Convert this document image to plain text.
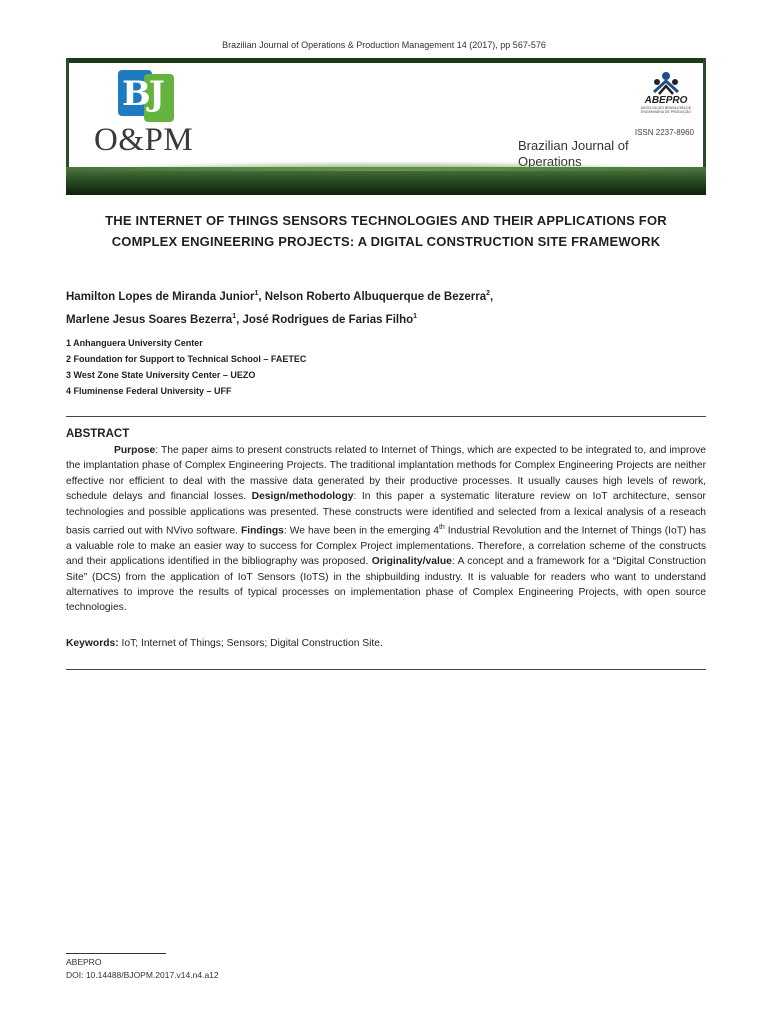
Brazilian Journal of Operations & Production Management 14 (2017), pp 567-576
BJ
O&PM
ABEPRO
ASSOCIAÇÃO BRASILEIRA DE ENGENHARIA DE PRODUÇÃO
ISSN 2237-8960
Brazilian Journal of
THE INTERNET OF THINGS SENSORS TECHNOLOGIES AND THEIR APPLICATIONS FOR
COMPLEX ENGINEERING PROJECTS: A DIGITAL CONSTRUCTION SITE FRAMEWORK
Hamilton Lopes de Miranda Junior$^1$, Nelson Roberto Albuquerque de Bezerra$^2$,
Marlene Jesus Soares Bezerra$^1$, José Rodrigues de Farias Filho$^1$
1 Anhanguera University Center
2 Foundation for Support to Technical School – FAETEC
3 West Zone State University Center – UEZO
4 Fluminense Federal University – UFF
ABSTRACT

Purpose: The paper aims to present constructs related to Internet of Things, which are expected to be integrated to, and improve the implantation phase of Complex Engineering Projects. The traditional implantation methods for Complex Engineering Projects are neither effective nor efficient to deal with the massive data generated by their productive processes. It usually causes high levels of rework, schedule delays and financial losses. Design/methodology: In this paper a systematic literature review on IoT architecture, sensor technologies and possible applications was presented. These constructs were identified and selected from a lexical analysis of a reseach basis carried out with NVivo software. Findings: We have been in the emerging 4th Industrial Revolution and the Internet of Things (IoT) has a valuable role to make an easier way to success for Complex Project implementations. Therefore, a correlation scheme of the constructs and their applications identified in the bibliography was proposed. Originality/value: A concept and a framework for a “Digital Construction Site” (DCS) from the application of IoT Sensors (IoTS) in the shipbuilding industry. It is valuable for readers who want to understand alternatives to improve the results of typical processes on implementation phase of Complex Engineering Projects, with open source technologies.

Keywords: IoT; Internet of Things; Sensors; Digital Construction Site.
ABEPRO
DOI: 10.14488/BJOPM.2017.v14.n4.a12
